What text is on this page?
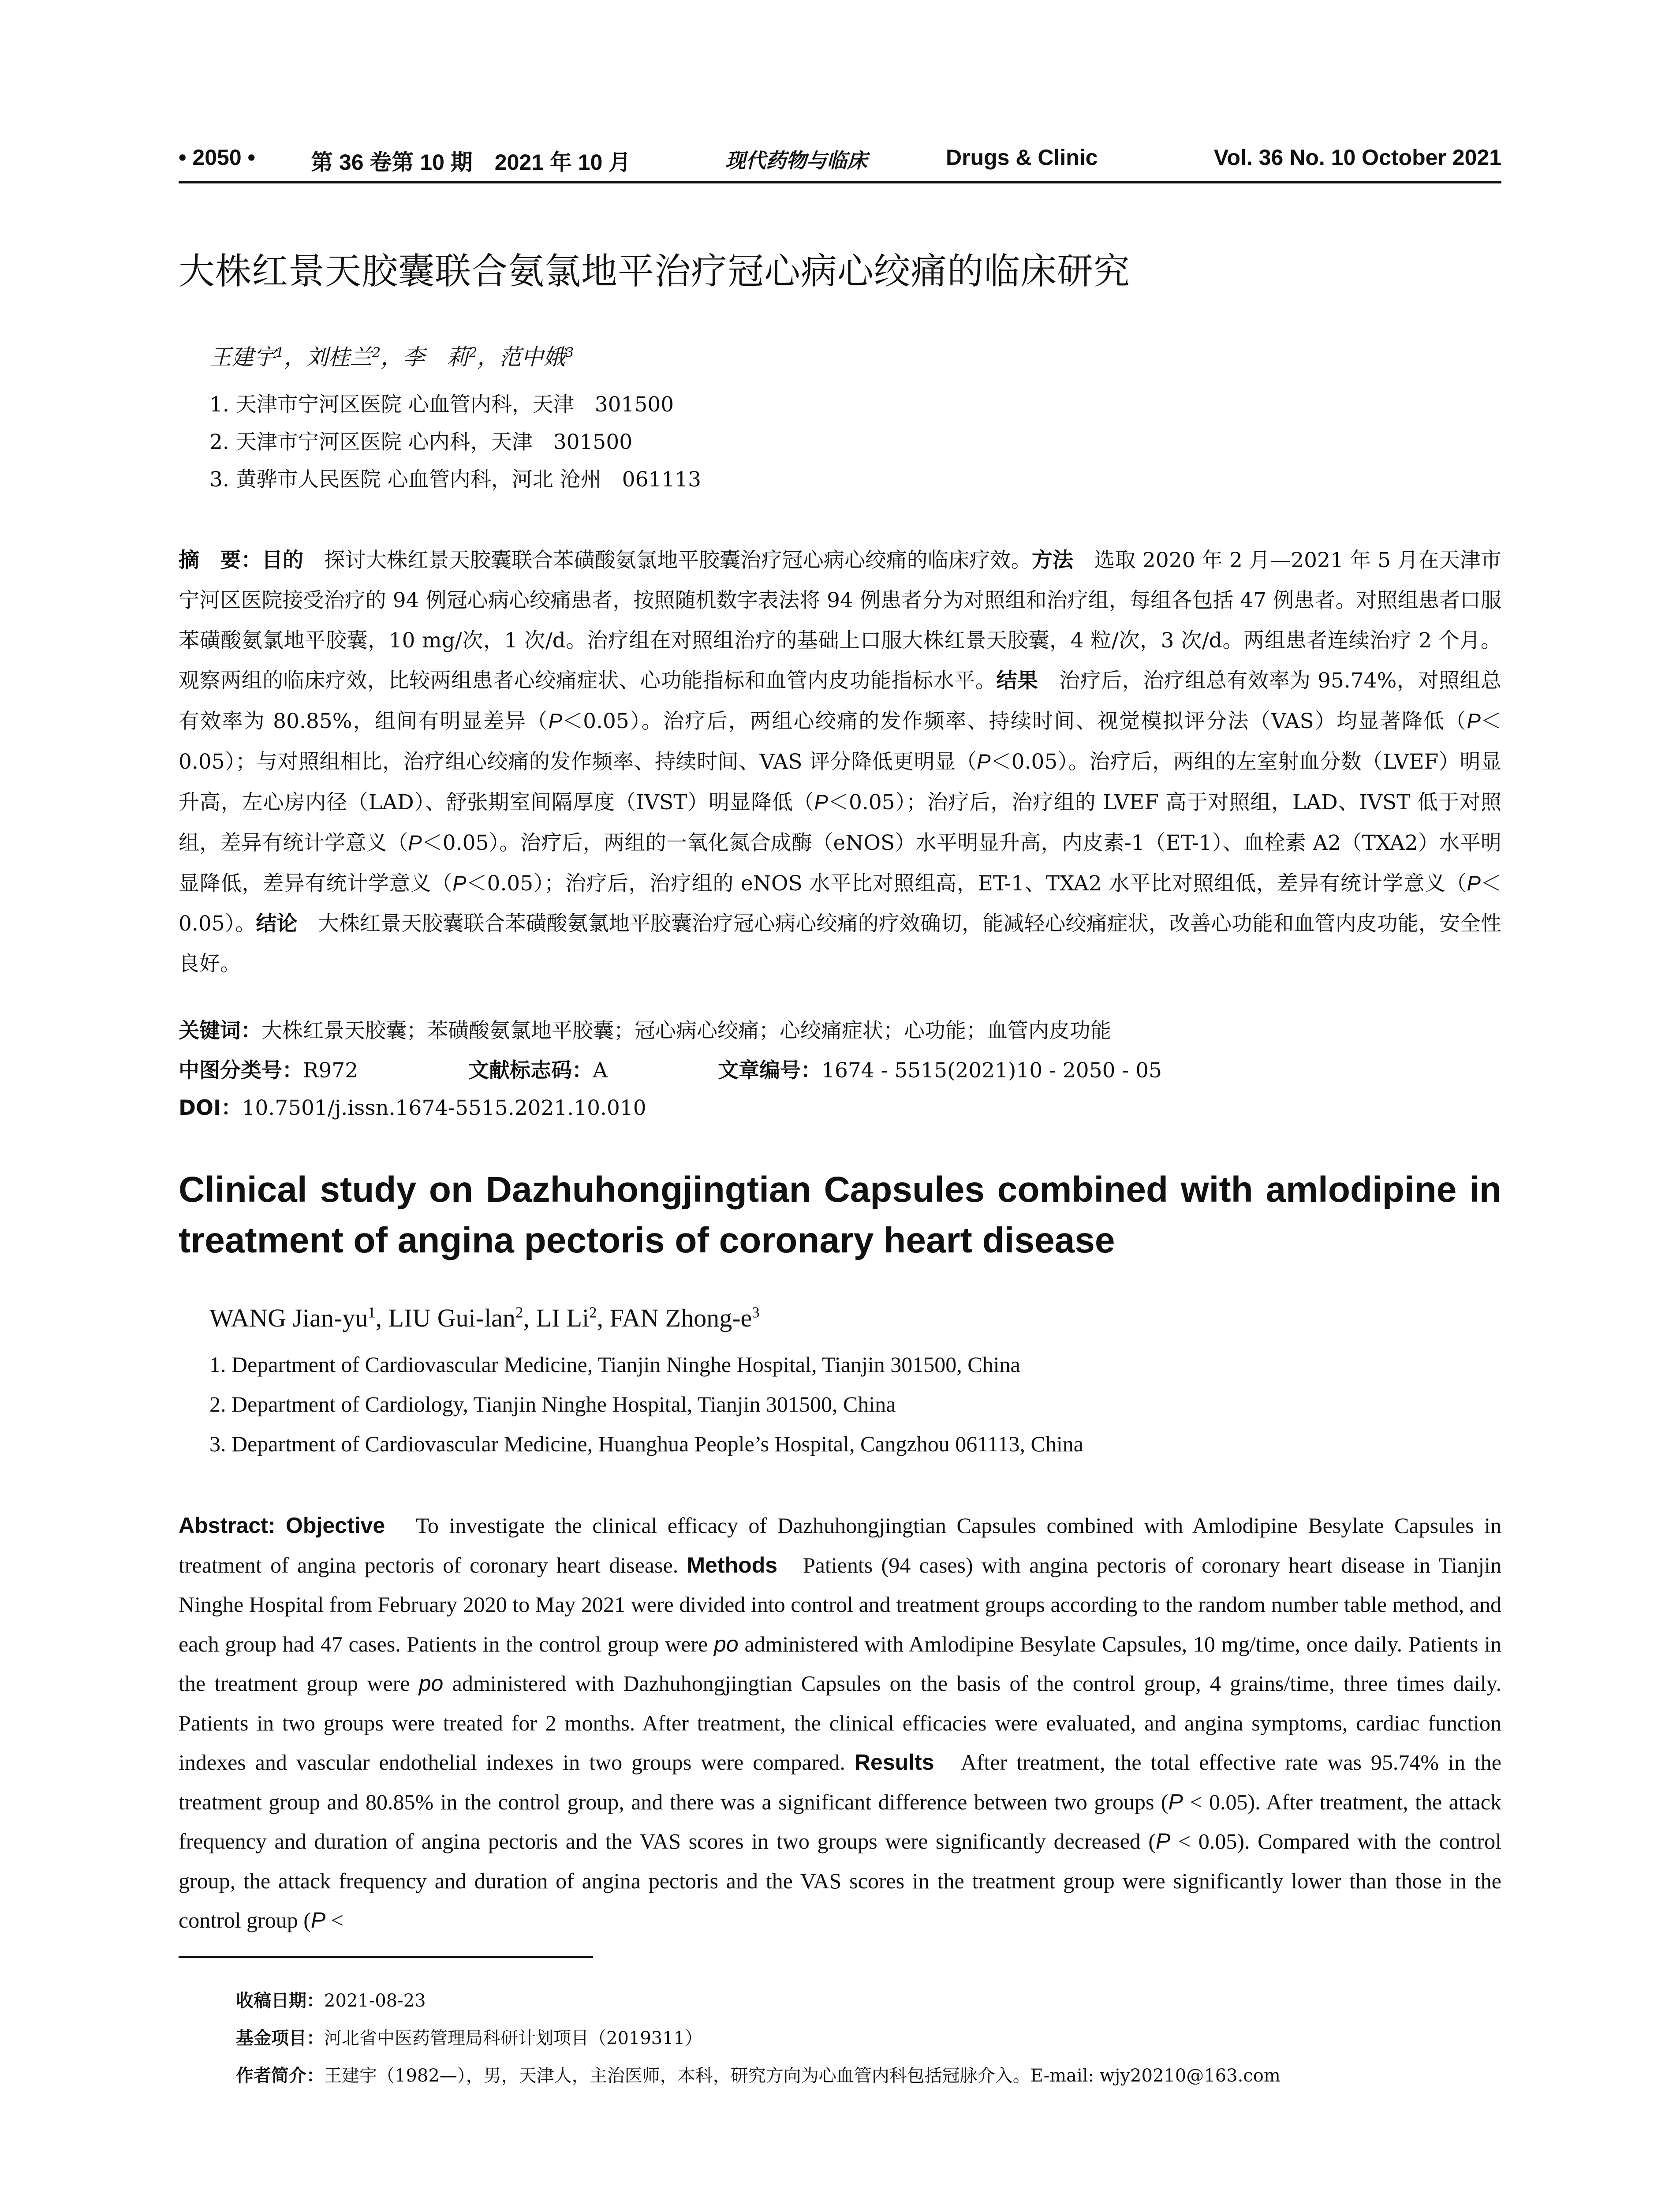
• 2050 •	第 36 卷第 10 期　2021 年 10 月	现代药物与临床	Drugs & Clinic	Vol. 36 No. 10 October 2021
大株红景天胶囊联合氨氯地平治疗冠心病心绞痛的临床研究
王建宇$^1$，刘桂兰$^2$，李　莉$^2$，范中娥$^3$
1. 天津市宁河区医院 心血管内科，天津　301500
2. 天津市宁河区医院 心内科，天津　301500
3. 黄骅市人民医院 心血管内科，河北 沧州　061113
摘　要：目的　 探讨大株红景天胶囊联合苯磺酸氨氯地平胶囊治疗冠心病心绞痛的临床疗效。方法　 选取 2020 年 2 月—2021 年 5 月在天津市宁河区医院接受治疗的 94 例冠心病心绞痛患者，按照随机数字表法将 94 例患者分为对照组和治疗组，每组各包括 47 例患者。对照组患者口服苯磺酸氨氯地平胶囊，10 mg/次，1 次/d。治疗组在对照组治疗的基础上口服大株红景天胶囊，4 粒/次，3 次/d。两组患者连续治疗 2 个月。观察两组的临床疗效，比较两组患者心绞痛症状、心功能指标和血管内皮功能指标水平。结果　 治疗后，治疗组总有效率为 95.74%，对照组总有效率为 80.85%，组间有明显差异（P＜0.05）。治疗后，两组心绞痛的发作频率、持续时间、视觉模拟评分法（VAS）均显著降低（P＜0.05）；与对照组相比，治疗组心绞痛的发作频率、持续时间、VAS 评分降低更明显（P＜0.05）。治疗后，两组的左室射血分数（LVEF）明显升高，左心房内径（LAD）、舒张期室间隔厚度（IVST）明显降低（P＜0.05）；治疗后，治疗组的 LVEF 高于对照组，LAD、IVST 低于对照组，差异有统计学意义（P＜0.05）。治疗后，两组的一氧化氮合成酶（eNOS）水平明显升高，内皮素-1（ET-1）、血栓素 A2（TXA2）水平明显降低，差异有统计学意义（P＜0.05）；治疗后，治疗组的 eNOS 水平比对照组高，ET-1、TXA2 水平比对照组低，差异有统计学意义（P＜0.05）。结论　 大株红景天胶囊联合苯磺酸氨氯地平胶囊治疗冠心病心绞痛的疗效确切，能减轻心绞痛症状，改善心功能和血管内皮功能，安全性良好。
关键词：大株红景天胶囊；苯磺酸氨氯地平胶囊；冠心病心绞痛；心绞痛症状；心功能；血管内皮功能
中图分类号：R972	文献标志码：A	文章编号：1674 - 5515(2021)10 - 2050 - 05
DOI：10.7501/j.issn.1674-5515.2021.10.010
Clinical study on Dazhuhongjingtian Capsules combined with amlodipine in treatment of angina pectoris of coronary heart disease
WANG Jian-$yu^1$, LIU Gui-lan$^2$, LI Li$^2$, FAN Zhong-$e^3$
1. Department of Cardiovascular Medicine, Tianjin Ninghe Hospital, Tianjin 301500, China
2. Department of Cardiology, Tianjin Ninghe Hospital, Tianjin 301500, China
3. Department of Cardiovascular Medicine, Huanghua People’s Hospital, Cangzhou 061113, China
Abstract: Objective To investigate the clinical efficacy of Dazhuhongjingtian Capsules combined with Amlodipine Besylate Capsules in treatment of angina pectoris of coronary heart disease. Methods Patients (94 cases) with angina pectoris of coronary heart disease in Tianjin Ninghe Hospital from February 2020 to May 2021 were divided into control and treatment groups according to the random number table method, and each group had 47 cases. Patients in the control group were po administered with Amlodipine Besylate Capsules, 10 mg/time, once daily. Patients in the treatment group were po administered with Dazhuhongjingtian Capsules on the basis of the control group, 4 grains/time, three times daily. Patients in two groups were treated for 2 months. After treatment, the clinical efficacies were evaluated, and angina symptoms, cardiac function indexes and vascular endothelial indexes in two groups were compared. Results After treatment, the total effective rate was 95.74% in the treatment group and 80.85% in the control group, and there was a significant difference between two groups (P < 0.05). After treatment, the attack frequency and duration of angina pectoris and the VAS scores in two groups were significantly decreased (P < 0.05). Compared with the control group, the attack frequency and duration of angina pectoris and the VAS scores in the treatment group were significantly lower than those in the control group (P <
收稿日期：2021-08-23
基金项目：河北省中医药管理局科研计划项目（2019311）
作者简介：王建宇（1982—），男，天津人，主治医师，本科，研究方向为心血管内科包括冠脉介入。E-mail: wjy20210@163.com
